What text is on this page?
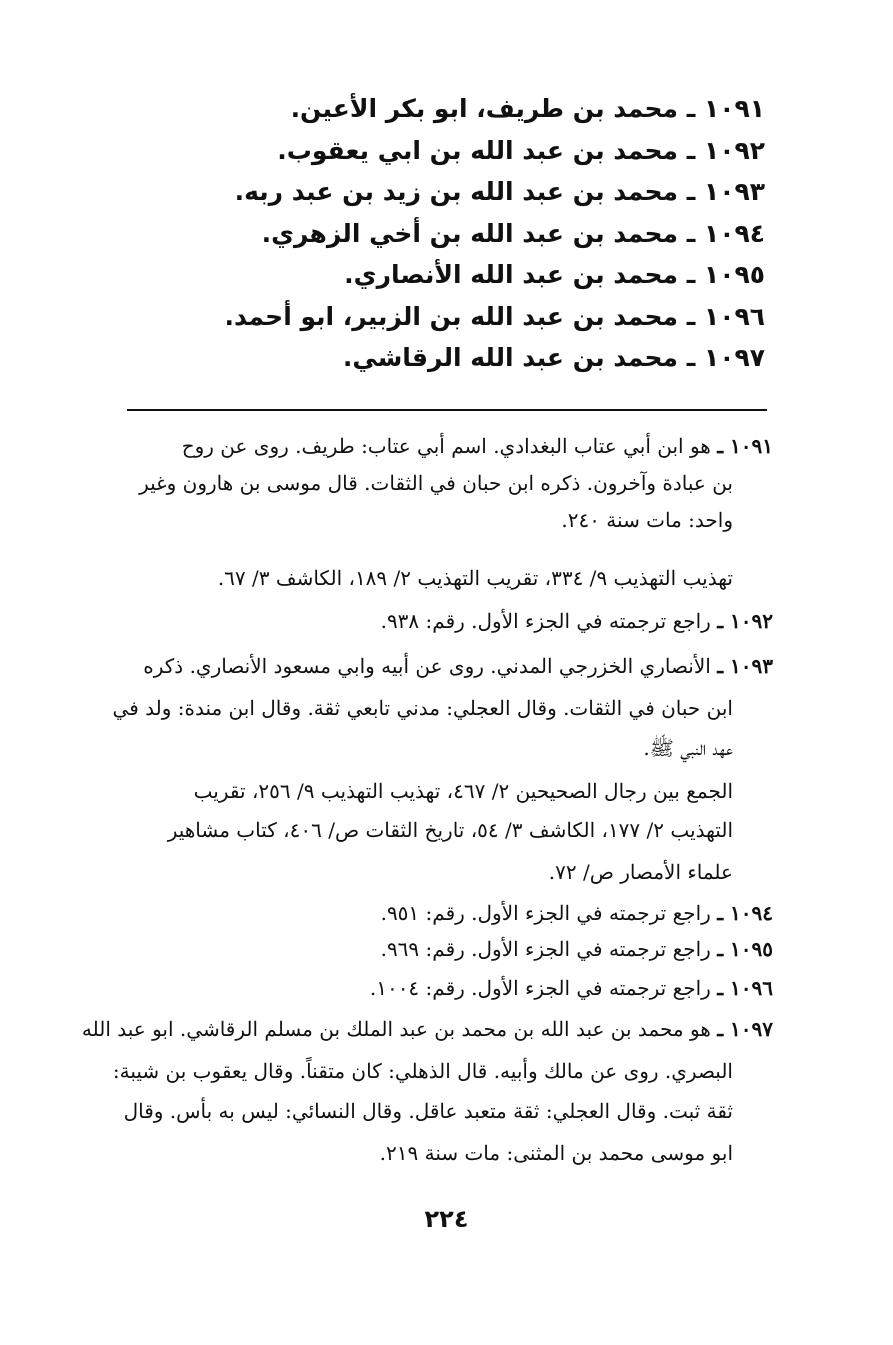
١٠٩١ ـ محمد بن طريف، ابو بكر الأعين.
١٠٩٢ ـ محمد بن عبد الله بن ابي يعقوب.
١٠٩٣ ـ محمد بن عبد الله بن زيد بن عبد ربه.
١٠٩٤ ـ محمد بن عبد الله بن أخي الزهري.
١٠٩٥ ـ محمد بن عبد الله الأنصاري.
١٠٩٦ ـ محمد بن عبد الله بن الزبير، ابو أحمد.
١٠٩٧ ـ محمد بن عبد الله الرقاشي.
١٠٩١ ـ هو ابن أبي عتاب البغدادي. اسم أبي عتاب: طريف. روى عن روح
بن عبادة وآخرون. ذكره ابن حبان في الثقات. قال موسى بن هارون وغير
واحد: مات سنة ٢٤٠.
تهذيب التهذيب ٩/ ٣٣٤، تقريب التهذيب ٢/ ١٨٩، الكاشف ٣/ ٦٧.
١٠٩٢ ـ راجع ترجمته في الجزء الأول. رقم: ٩٣٨.
١٠٩٣ ـ الأنصاري الخزرجي المدني. روى عن أبيه وابي مسعود الأنصاري. ذكره
ابن حبان في الثقات. وقال العجلي: مدني تابعي ثقة. وقال ابن مندة: ولد في
عهد النبي ﷺ.
الجمع بين رجال الصحيحين ٢/ ٤٦٧، تهذيب التهذيب ٩/ ٢٥٦، تقريب
التهذيب ٢/ ١٧٧، الكاشف ٣/ ٥٤، تاريخ الثقات ص/ ٤٠٦، كتاب مشاهير
علماء الأمصار ص/ ٧٢.
١٠٩٤ ـ راجع ترجمته في الجزء الأول. رقم: ٩٥١.
١٠٩٥ ـ راجع ترجمته في الجزء الأول. رقم: ٩٦٩.
١٠٩٦ ـ راجع ترجمته في الجزء الأول. رقم: ١٠٠٤.
١٠٩٧ ـ هو محمد بن عبد الله بن محمد بن عبد الملك بن مسلم الرقاشي. ابو عبد الله
البصري. روى عن مالك وأبيه. قال الذهلي: كان متقناً. وقال يعقوب بن شيبة:
ثقة ثبت. وقال العجلي: ثقة متعبد عاقل. وقال النسائي: ليس به بأس. وقال
ابو موسى محمد بن المثنى: مات سنة ٢١٩.
٢٢٤
